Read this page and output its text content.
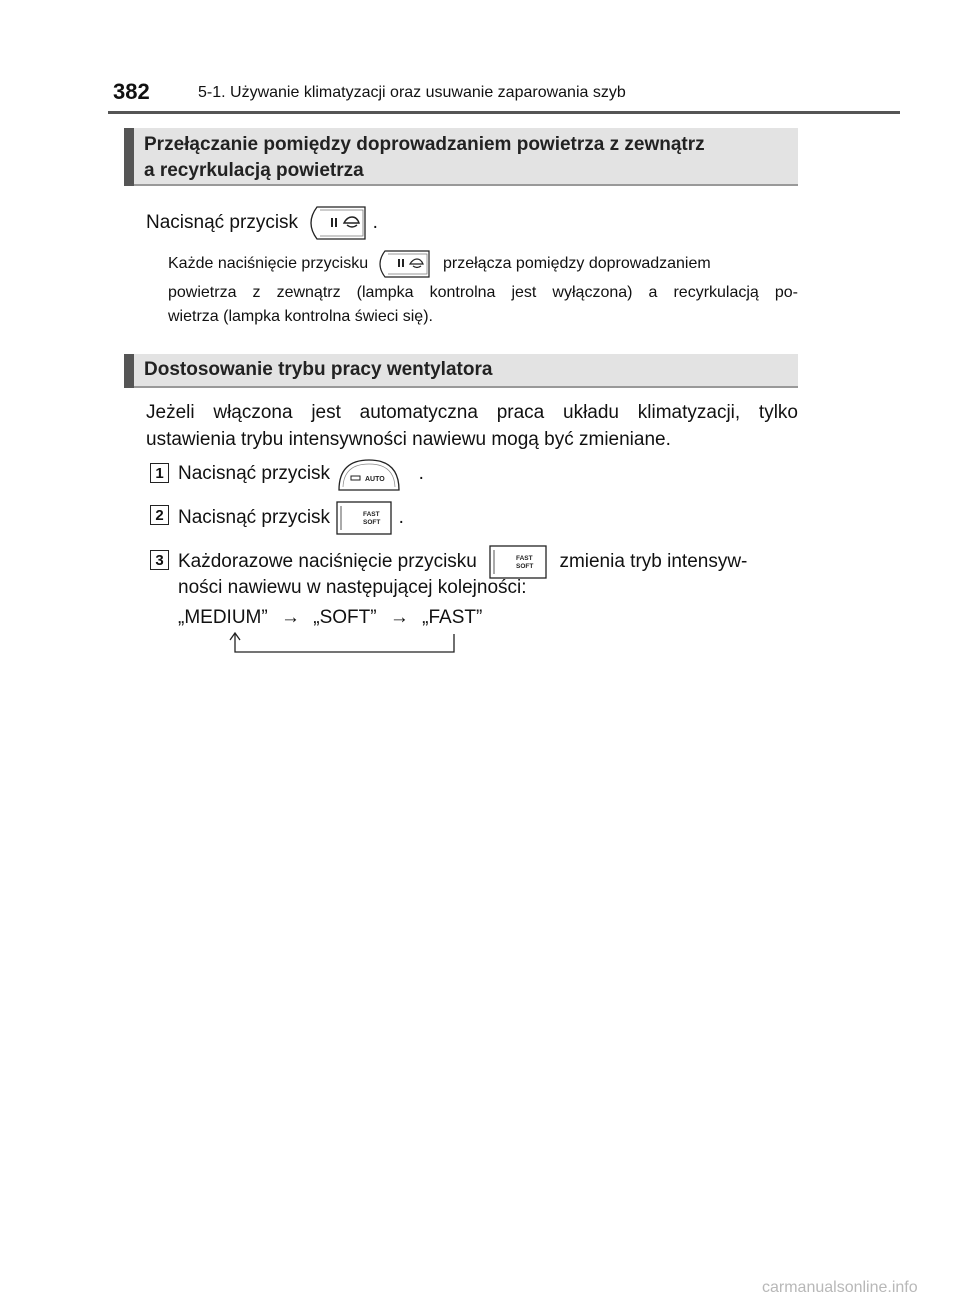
382	5-1. Używanie klimatyzacji oraz usuwanie zaparowania szyb
Przełączanie pomiędzy doprowadzaniem powietrza z zewnątrz
a recyrkulacją powietrza
Nacisnąć przycisk	.
Każde naciśnięcie przycisku	przełącza pomiędzy doprowadzaniem
powietrza z zewnątrz (lampka kontrolna jest wyłączona) a recyrkulacją po-
wietrza (lampka kontrolna świeci się).
Dostosowanie trybu pracy wentylatora
Jeżeli włączona jest automatyczna praca układu klimatyzacji, tylko
ustawienia trybu intensywności nawiewu mogą być zmieniane.
1 Nacisnąć przycisk	AUTO .
2 Nacisnąć przycisk	FAST
SOFT .
3 Każdorazowe naciśnięcie przycisku	FAST
SOFT zmienia tryb intensyw-
ności nawiewu w następującej kolejności:
„MEDIUM” → „SOFT” → „FAST”
carmanualsonline.info
